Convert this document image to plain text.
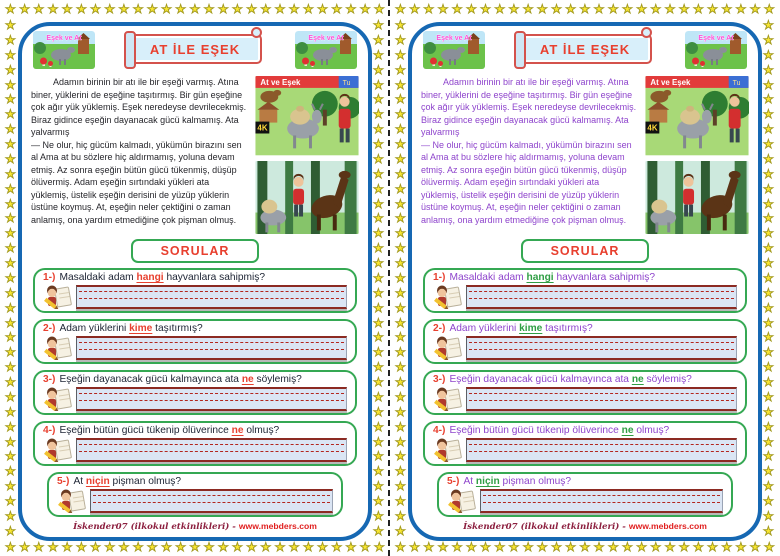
★ ★ ★ ★ ★ ★ ★ ★ ★ ★ ★ ★ ★ ★ ★ ★ ★ ★ ★ ★ ★ ★ ★ ★ ★ ★ ★
★ ★ ★ ★ ★ ★ ★ ★ ★ ★ ★ ★ ★ ★ ★ ★ ★ ★ ★ ★ ★ ★ ★ ★ ★ ★ ★
★
★
★
★
★
★
★
★
★
★
★
★
★
★
★
★
★
★
★
★
★
★
★
★
★
★
★
★
★
★
★
★
★
★
★
★
★
★
★
★
★
★
★
★
★
★
★
★
★
★
★
★
★
★
★
★
★
★
★
★
★
★
★
★
★
★
★
★
★
★
Eşek ve At
AT İLE EŞEK
Eşek ve At

Adamın birinin bir atı ile bir eşeği varmış. Atına biner, yüklerini de eşeğine taşıtırmış. Bir gün eşeğine çok ağır yük yüklemiş. Eşek neredeyse devrilecekmiş. Biraz gidince eşeğin dayanacak gücü kalmamış. Ata yalvarmış

— Ne olur, hiç gücüm kalmadı, yükümün birazını sen al Ama at bu sözlere hiç aldırmamış, yoluna devam etmiş. Az sonra eşeğin bütün gücü tükenmiş, düşüp ölüvermiş. Adam eşeğin sırtındaki yükleri ata yüklemiş, üstelik eşeğin derisini de yüzüp yüklerin üstüne koymuş. At, eşeğin neler çektiğini o zaman anlamış, ona yardım etmediğine çok pişman olmuş.

At ve Eşek	Tu
4K
SORULAR
1-) Masaldaki adam hangi hayvanlara sahipmiş?
2-) Adam yüklerini kime taşıtırmış?
3-) Eşeğin dayanacak gücü kalmayınca ata ne söylemiş?
4-) Eşeğin bütün gücü tükenip ölüverince ne olmuş?
5-) At niçin pişman olmuş?
İskender07 (ilkokul etkinlikleri) - www.mebders.com
★ ★ ★ ★ ★ ★ ★ ★ ★ ★ ★ ★ ★ ★ ★ ★ ★ ★ ★ ★ ★ ★ ★ ★ ★ ★ ★
★ ★ ★ ★ ★ ★ ★ ★ ★ ★ ★ ★ ★ ★ ★ ★ ★ ★ ★ ★ ★ ★ ★ ★ ★ ★ ★
★
★
★
★
★
★
★
★
★
★
★
★
★
★
★
★
★
★
★
★
★
★
★
★
★
★
★
★
★
★
★
★
★
★
★
★
★
★
★
★
★
★
★
★
★
★
★
★
★
★
★
★
★
★
★
★
★
★
★
★
★
★
★
★
★
★
★
★
★
★
Eşek ve At
AT İLE EŞEK
Eşek ve At

Adamın birinin bir atı ile bir eşeği varmış. Atına biner, yüklerini de eşeğine taşıtırmış. Bir gün eşeğine çok ağır yük yüklemiş. Eşek neredeyse devrilecekmiş. Biraz gidince eşeğin dayanacak gücü kalmamış. Ata yalvarmış

— Ne olur, hiç gücüm kalmadı, yükümün birazını sen al Ama at bu sözlere hiç aldırmamış, yoluna devam etmiş. Az sonra eşeğin bütün gücü tükenmiş, düşüp ölüvermiş. Adam eşeğin sırtındaki yükleri ata yüklemiş, üstelik eşeğin derisini de yüzüp yüklerin üstüne koymuş. At, eşeğin neler çektiğini o zaman anlamış, ona yardım etmediğine çok pişman olmuş.

At ve Eşek	Tu
4K
SORULAR
1-) Masaldaki adam hangi hayvanlara sahipmiş?
2-) Adam yüklerini kime taşıtırmış?
3-) Eşeğin dayanacak gücü kalmayınca ata ne söylemiş?
4-) Eşeğin bütün gücü tükenip ölüverince ne olmuş?
5-) At niçin pişman olmuş?
İskender07 (ilkokul etkinlikleri) - www.mebders.com
